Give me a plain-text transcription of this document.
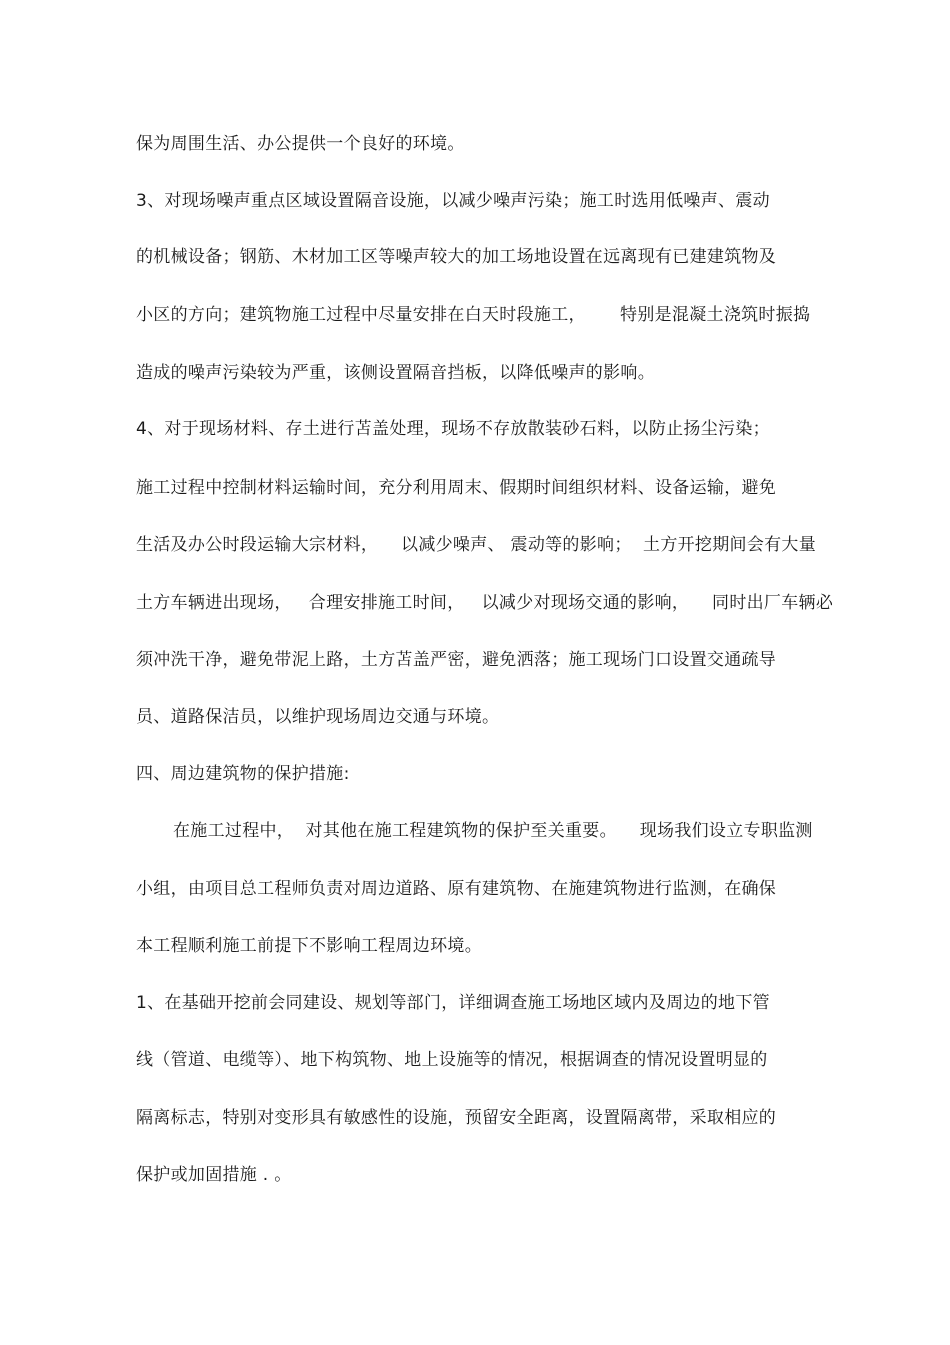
保为周围生活、办公提供一个良好的环境。
3、对现场噪声重点区域设置隔音设施，以减少噪声污染；施工时选用低噪声、震动
的机械设备；钢筋、木材加工区等噪声较大的加工场地设置在远离现有已建建筑物及
小区的方向；建筑物施工过程中尽量安排在白天时段施工，      特别是混凝土浇筑时振捣
造成的噪声污染较为严重，该侧设置隔音挡板，以降低噪声的影响。
4、对于现场材料、存土进行苫盖处理，现场不存放散装砂石料，以防止扬尘污染；
施工过程中控制材料运输时间，充分利用周末、假期时间组织材料、设备运输，避免
生活及办公时段运输大宗材料，    以减少噪声、 震动等的影响；  土方开挖期间会有大量
土方车辆进出现场，   合理安排施工时间，   以减少对现场交通的影响，    同时出厂车辆必
须冲洗干净，避免带泥上路，土方苫盖严密，避免洒落；施工现场门口设置交通疏导
员、道路保洁员，以维护现场周边交通与环境。
四、周边建筑物的保护措施:
在施工过程中，  对其他在施工程建筑物的保护至关重要。    现场我们设立专职监测
小组，由项目总工程师负责对周边道路、原有建筑物、在施建筑物进行监测，在确保
本工程顺利施工前提下不影响工程周边环境。
1、在基础开挖前会同建设、规划等部门，详细调查施工场地区域内及周边的地下管
线（管道、电缆等）、地下构筑物、地上设施等的情况，根据调查的情况设置明显的
隔离标志，特别对变形具有敏感性的设施，预留安全距离，设置隔离带，采取相应的
保护或加固措施 . 。
